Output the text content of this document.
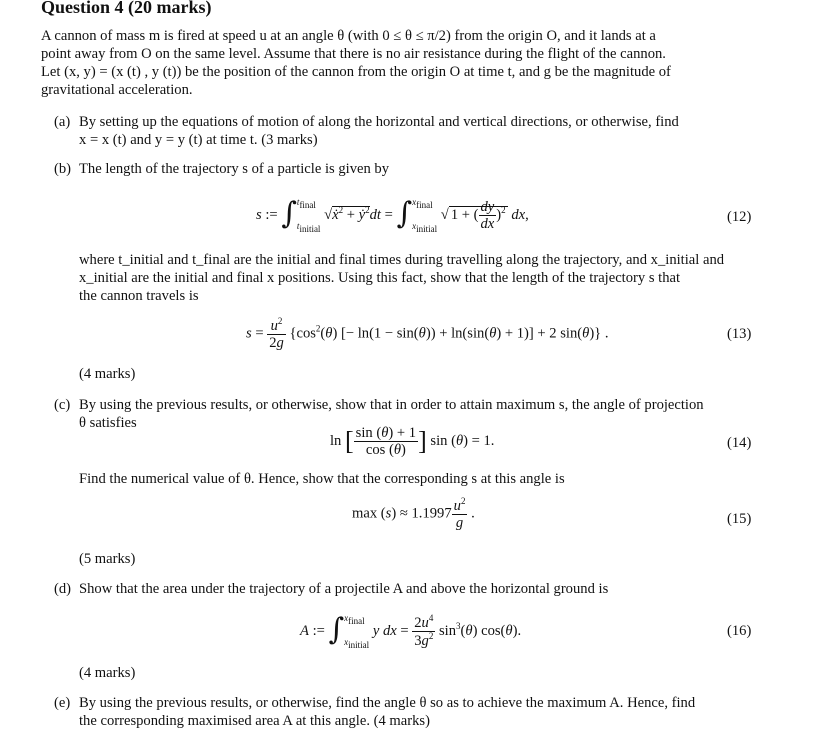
Question 4 (20 marks)
A cannon of mass m is fired at speed u at an angle θ (with 0 ≤ θ ≤ π/2) from the origin O, and it lands at a
point away from O on the same level. Assume that there is no air resistance during the flight of the cannon.
Let (x, y) = (x (t) , y (t)) be the position of the cannon from the origin O at time t, and g be the magnitude of
gravitational acceleration.
(a) By setting up the equations of motion of along the horizontal and vertical directions, or otherwise, find
x = x (t) and y = y (t) at time t. (3 marks)
(b) The length of the trajectory s of a particle is given by
s := ∫ $t_{final}$
$t_{initial}$
√ẋ$^2$ + ẏ$^2$dt = ∫ $x_{final}$
$x_{initial}$
√ 1 + ( $\frac{dy}{dx} )^2$ dx,	(12)
where t_initial and t_final are the initial and final times during travelling along the trajectory, and x_initial and
x_initial are the initial and final x positions. Using this fact, show that the length of the trajectory s that
the cannon travels is
$s = \frac{u^2}{2g} \{\cos^2(\theta)$ [− ln(1 − sin(θ)) + ln(sin(θ) + 1)] + 2 sin(θ)} .	(13)
(4 marks)
(c) By using the previous results, or otherwise, show that in order to attain maximum s, the angle of projection
θ satisfies
ln [ $\frac{\sin (\theta) + 1}{\cos (\theta)}$ ] sin (θ) = 1.	(14)
Find the numerical value of θ. Hence, show that the corresponding s at this angle is
$\max (s) \approx 1.1997 \frac{u^2}{g}$ .	(15)
(5 marks)
(d) Show that the area under the trajectory of a projectile A and above the horizontal ground is
A := ∫ $x_{final}$
$x_{initial}$
y dx = $\frac{2u^4}{3g^2} \sin^3(\theta)$ cos(θ).	(16)
(4 marks)
(e) By using the previous results, or otherwise, find the angle θ so as to achieve the maximum A. Hence, find
the corresponding maximised area A at this angle. (4 marks)
